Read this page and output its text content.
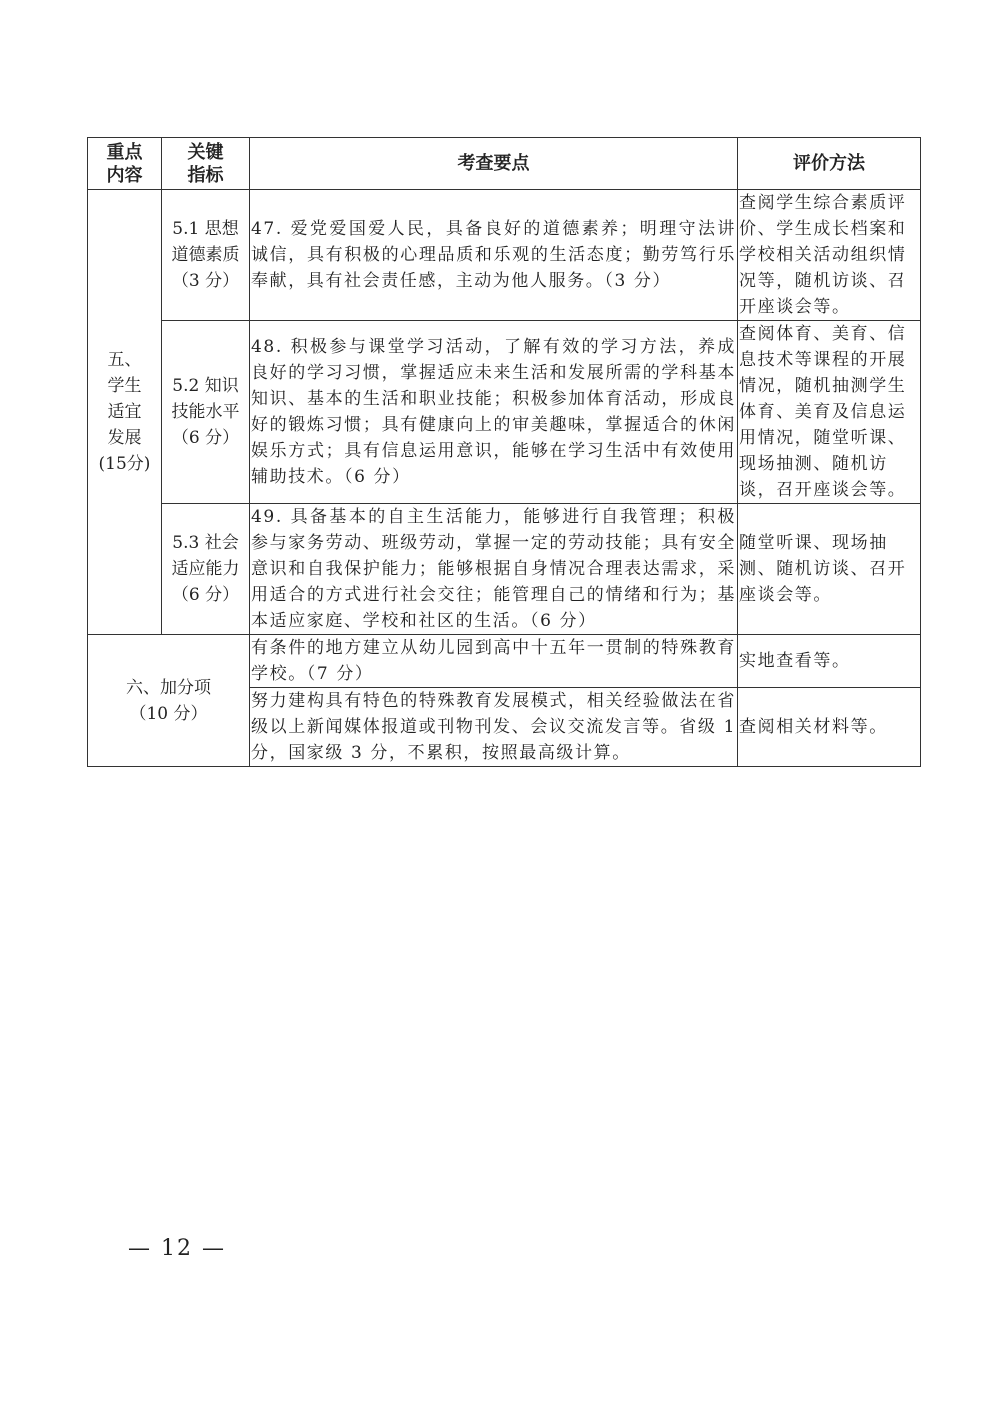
重点
内容

关键
指标
	考查要点	评价方法

五、
学生
适宜
发展
(15分)

5.1 思想
道德素质
（3 分）
	47. 爱党爱国爱人民，具备良好的道德素养；明理守法讲诚信，具有积极的心理品质和乐观的生活态度；勤劳笃行乐奉献，具有社会责任感，主动为他人服务。（3 分）	查阅学生综合素质评价、学生成长档案和学校相关活动组织情况等，随机访谈、召开座谈会等。

	5.2 知识
技能水平
（6 分）	48. 积极参与课堂学习活动，了解有效的学习方法，养成良好的学习习惯，掌握适应未来生活和发展所需的学科基本知识、基本的生活和职业技能；积极参加体育活动，形成良好的锻炼习惯；具有健康向上的审美趣味，掌握适合的休闲娱乐方式；具有信息运用意识，能够在学习生活中有效使用辅助技术。（6 分）	查阅体育、美育、信息技术等课程的开展情况，随机抽测学生体育、美育及信息运用情况，随堂听课、现场抽测、随机访谈，召开座谈会等。

	5.3 社会
适应能力
（6 分）	49. 具备基本的自主生活能力，能够进行自我管理；积极参与家务劳动、班级劳动，掌握一定的劳动技能；具有安全意识和自我保护能力；能够根据自身情况合理表达需求，采用适合的方式进行社会交往；能管理自己的情绪和行为；基本适应家庭、学校和社区的生活。（6 分）	随堂听课、现场抽测、随机访谈、召开座谈会等。

六、加分项
（10 分）		有条件的地方建立从幼儿园到高中十五年一贯制的特殊教育学校。（7 分）	实地查看等。
		努力建构具有特色的特殊教育发展模式，相关经验做法在省级以上新闻媒体报道或刊物刊发、会议交流发言等。省级 1 分，国家级 3 分，不累积，按照最高级计算。	查阅相关材料等。
— 12 —
